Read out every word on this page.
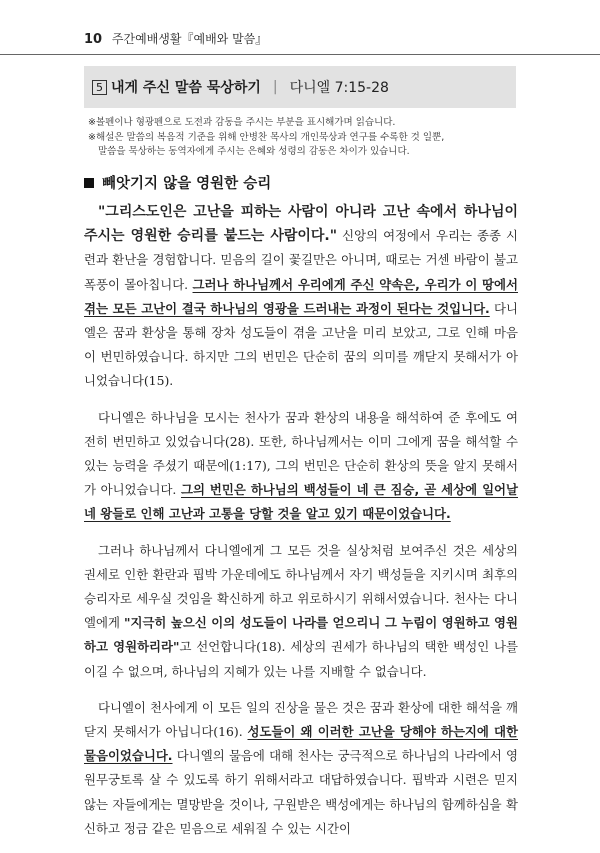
10 주간예배생활『예배와 말씀』
5 내게 주신 말씀 묵상하기 | 다니엘 7:15-28

※볼펜이나 형광펜으로 도전과 감동을 주시는 부분을 표시해가며 읽습니다.

※해설은 말씀의 복음적 기준을 위해 안병찬 목사의 개인묵상과 연구를 수록한 것 일뿐,

말씀을 묵상하는 동역자에게 주시는 은혜와 성령의 감동은 차이가 있습니다.

빼앗기지 않을 영원한 승리

"그리스도인은 고난을 피하는 사람이 아니라 고난 속에서 하나님이 주시는 영원한 승리를 붙드는 사람이다." 신앙의 여정에서 우리는 종종 시련과 환난을 경험합니다. 믿음의 길이 꽃길만은 아니며, 때로는 거센 바람이 불고 폭풍이 몰아칩니다. 그러나 하나님께서 우리에게 주신 약속은, 우리가 이 땅에서 겪는 모든 고난이 결국 하나님의 영광을 드러내는 과정이 된다는 것입니다. 다니엘은 꿈과 환상을 통해 장차 성도들이 겪을 고난을 미리 보았고, 그로 인해 마음이 번민하였습니다. 하지만 그의 번민은 단순히 꿈의 의미를 깨닫지 못해서가 아니었습니다(15).

다니엘은 하나님을 모시는 천사가 꿈과 환상의 내용을 해석하여 준 후에도 여전히 번민하고 있었습니다(28). 또한, 하나님께서는 이미 그에게 꿈을 해석할 수 있는 능력을 주셨기 때문에(1:17), 그의 번민은 단순히 환상의 뜻을 알지 못해서가 아니었습니다. 그의 번민은 하나님의 백성들이 네 큰 짐승, 곧 세상에 일어날 네 왕들로 인해 고난과 고통을 당할 것을 알고 있기 때문이었습니다.

그러나 하나님께서 다니엘에게 그 모든 것을 실상처럼 보여주신 것은 세상의 권세로 인한 환란과 핍박 가운데에도 하나님께서 자기 백성들을 지키시며 최후의 승리자로 세우실 것임을 확신하게 하고 위로하시기 위해서였습니다. 천사는 다니엘에게 "지극히 높으신 이의 성도들이 나라를 얻으리니 그 누림이 영원하고 영원하고 영원하리라"고 선언합니다(18). 세상의 권세가 하나님의 택한 백성인 나를 이길 수 없으며, 하나님의 지혜가 있는 나를 지배할 수 없습니다.

다니엘이 천사에게 이 모든 일의 진상을 물은 것은 꿈과 환상에 대한 해석을 깨닫지 못해서가 아닙니다(16). 성도들이 왜 이러한 고난을 당해야 하는지에 대한 물음이었습니다. 다니엘의 물음에 대해 천사는 궁극적으로 하나님의 나라에서 영원무궁토록 살 수 있도록 하기 위해서라고 대답하였습니다. 핍박과 시련은 믿지 않는 자들에게는 멸망받을 것이나, 구원받은 백성에게는 하나님의 함께하심을 확신하고 정금 같은 믿음으로 세워질 수 있는 시간이
